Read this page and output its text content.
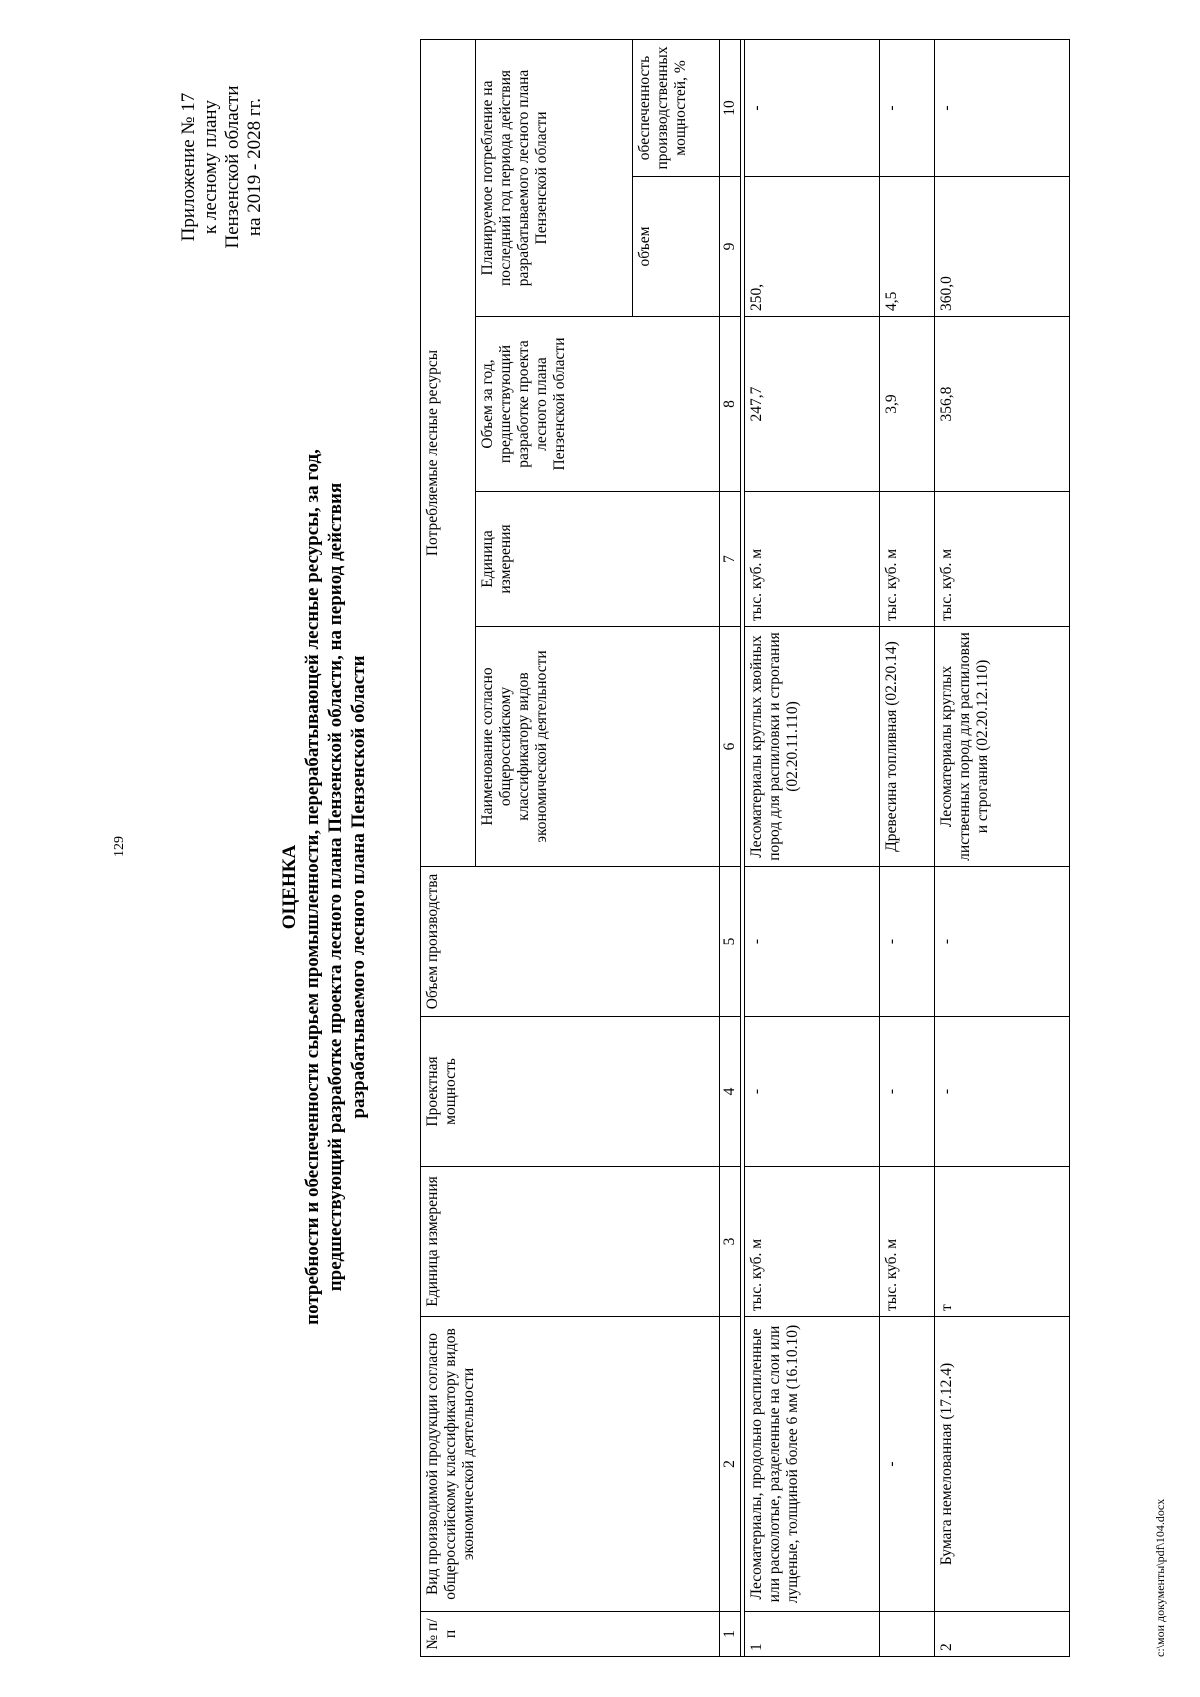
129
Приложение № 17 к лесному плану Пензенской области на 2019 - 2028 гг.
ОЦЕНКА потребности и обеспеченности сырьем промышленности, перерабатывающей лесные ресурсы, за год, предшествующий разработке проекта лесного плана Пензенской области, на период действия разрабатываемого лесного плана Пензенской области
№ п/п	Вид производимой продукции согласно общероссийскому классификатору видов экономической деятельности	Единица измерения	Проектная мощность	Объем производства	Потребляемые лесные ресурсы				
					Наименование согласно общероссийскому классификатору видов экономической деятельности	Единица измерения	Объем за год, предшествующий разработке проекта лесного плана Пензенской области	Планируемое потребление на последний год периода действия разрабатываемого лесного плана Пензенской области	
								объем	обеспеченность производственных мощностей, %
1	2	3	4	5	6	7	8	9	10

1	Лесоматериалы, продольно распиленные или расколотые, разделенные на слои или лущеные, толщиной более 6 мм (16.10.10)	тыс. куб. м	-	-	Лесоматериалы круглых хвойных пород для распиловки и строгания (02.20.11.110)	тыс. куб. м	247,7	250,	-
	-	тыс. куб. м	-	-	Древесина топливная (02.20.14)	тыс. куб. м	3,9	4,5	-
2	Бумага немелованная (17.12.4)	т	-	-	Лесоматериалы круглых лиственных пород для распиловки и строгания (02.20.12.110)	тыс. куб. м	356,8	360,0	-
c:\мои документы\pdf\104.docx
